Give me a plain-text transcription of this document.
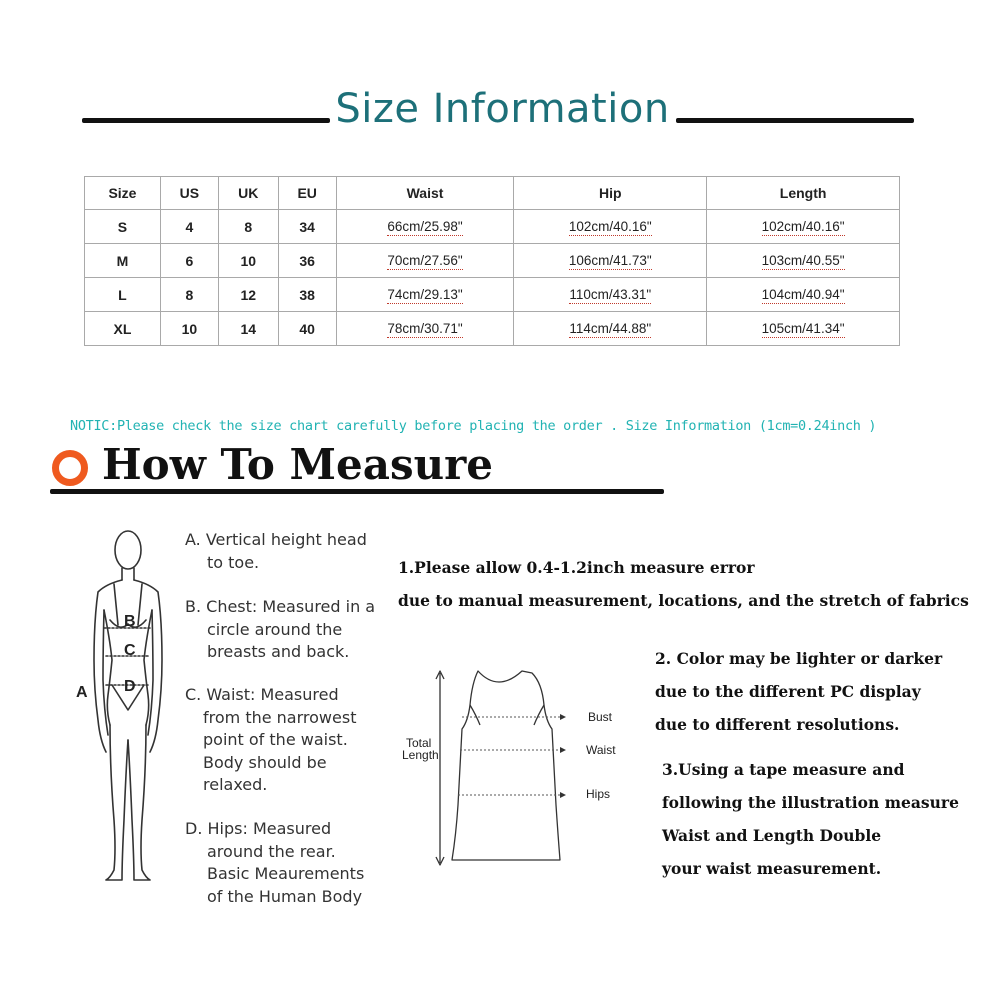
Size Information
Size	US	UK	EU	Waist	Hip	Length
S	4	8	34	66cm/25.98"	102cm/40.16"	102cm/40.16"
M	6	10	36	70cm/27.56"	106cm/41.73"	103cm/40.55"
L	8	12	38	74cm/29.13"	110cm/43.31"	104cm/40.94"
XL	10	14	40	78cm/30.71"	114cm/44.88"	105cm/41.34"
NOTIC:Please check the size chart carefully before placing the order . Size Information (1cm=0.24inch )
How To Measure
A
B
C
D
A. Vertical height head
to toe.
B. Chest: Measured in a
circle around the
breasts and back.
C. Waist: Measured
from the narrowest
point of the waist.
Body should be
relaxed.
D. Hips: Measured
around the rear.
Basic Meaurements
of the Human Body
1.Please allow 0.4-1.2inch measure error
due to manual measurement, locations, and the stretch of fabrics
Total
Length
Bust
Waist
Hips
2. Color may be lighter or darker
due to the different PC display
due to different resolutions.
3.Using a tape measure and
following the illustration measure
Waist and Length Double
your waist measurement.
